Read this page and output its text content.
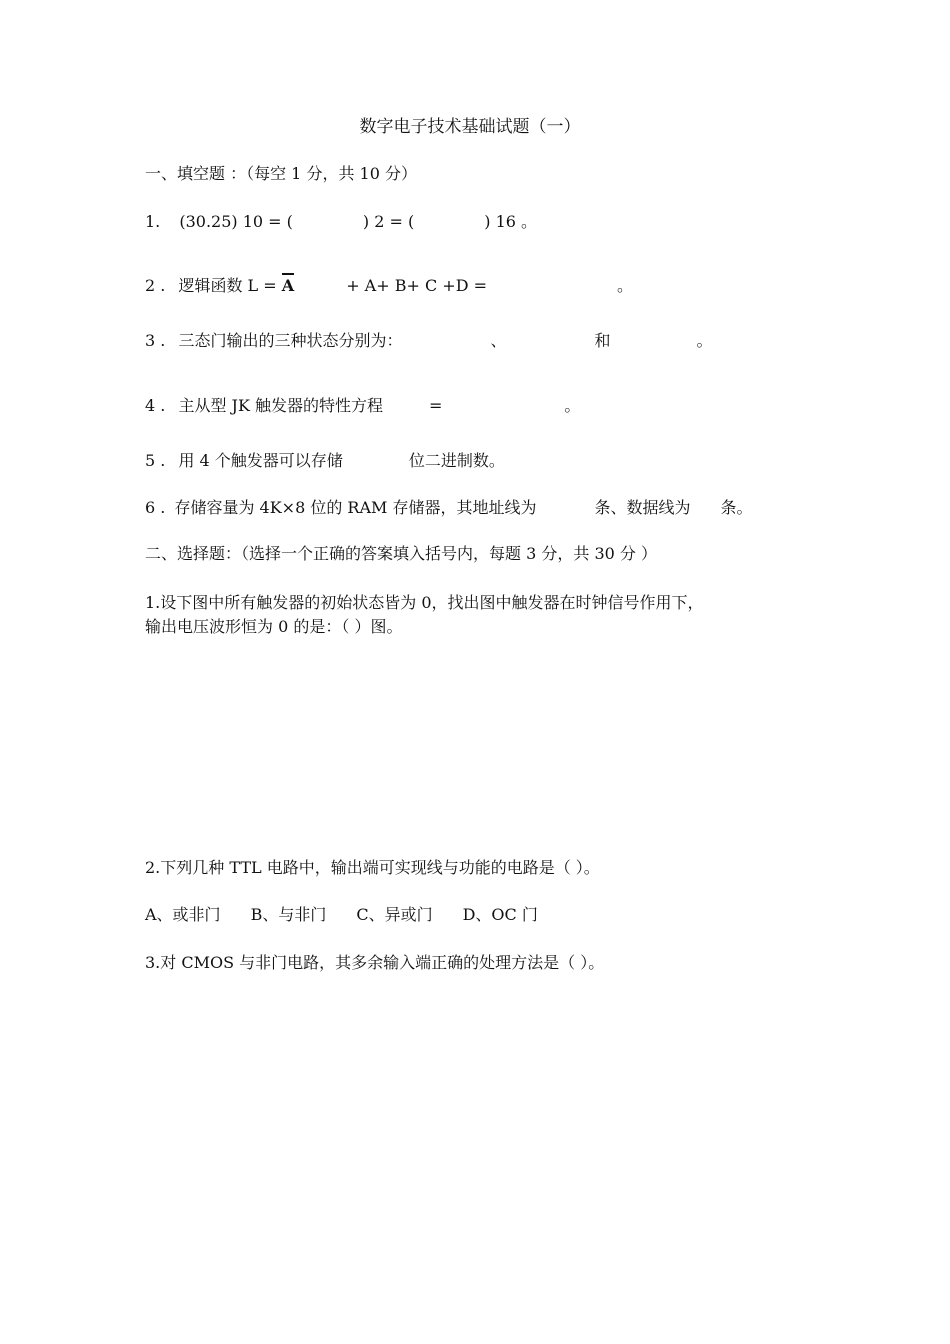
数字电子技术基础试题（一）
一、填空题 ：（每空 1 分，共 10 分）
1. (30.25) 10 = (	) 2 = (	) 16 。
2 . 逻辑函数 L = A	+ A+ B+ C +D =	。
3 . 三态门输出的三种状态分别为：	、	和	。
4 . 主从型 JK 触发器的特性方程	=	。
5 . 用 4 个触发器可以存储	位二进制数。
6 . 存储容量为 4K×8 位的 RAM 存储器，其地址线为	条、数据线为 条。
二、选择题：（选择一个正确的答案填入括号内，每题 3 分，共 30 分 ）
1.设下图中所有触发器的初始状态皆为 0，找出图中触发器在时钟信号作用下，
输出电压波形恒为 0 的是：（ ）图。
2.下列几种 TTL 电路中，输出端可实现线与功能的电路是（ ）。
A、或非门 B、与非门 C、异或门 D、OC 门
3.对 CMOS 与非门电路，其多余输入端正确的处理方法是（ ）。
